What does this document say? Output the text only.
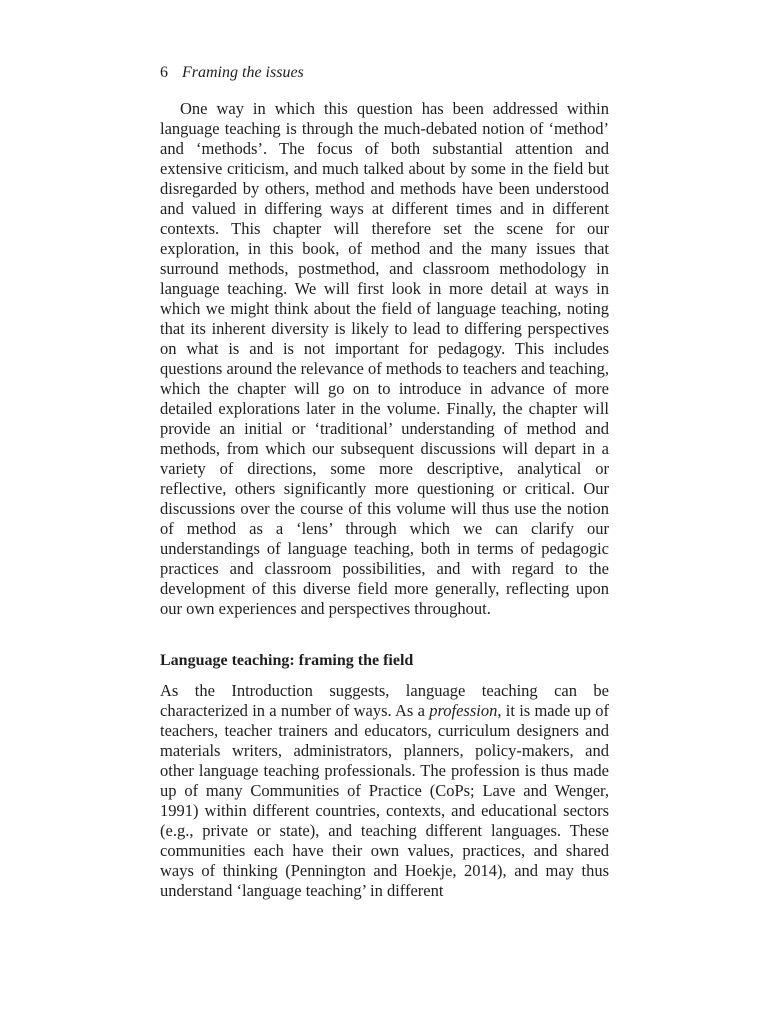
6 Framing the issues

One way in which this question has been addressed within language teaching is through the much-debated notion of ‘method’ and ‘methods’. The focus of both substantial attention and extensive criticism, and much talked about by some in the field but disregarded by others, method and methods have been understood and valued in differing ways at different times and in different contexts. This chapter will therefore set the scene for our exploration, in this book, of method and the many issues that surround methods, postmethod, and classroom methodology in language teaching. We will first look in more detail at ways in which we might think about the field of language teaching, noting that its inherent diversity is likely to lead to differing perspectives on what is and is not important for pedagogy. This includes questions around the relevance of methods to teachers and teaching, which the chapter will go on to introduce in advance of more detailed explorations later in the volume. Finally, the chapter will provide an initial or ‘traditional’ understanding of method and methods, from which our subsequent discussions will depart in a variety of directions, some more descriptive, analytical or reflective, others significantly more questioning or critical. Our discussions over the course of this volume will thus use the notion of method as a ‘lens’ through which we can clarify our understandings of language teaching, both in terms of pedagogic practices and classroom possibilities, and with regard to the development of this diverse field more generally, reflecting upon our own experiences and perspectives throughout.

Language teaching: framing the field

As the Introduction suggests, language teaching can be characterized in a number of ways. As a profession, it is made up of teachers, teacher trainers and educators, curriculum designers and materials writers, administrators, planners, policy-makers, and other language teaching professionals. The profession is thus made up of many Communities of Practice (CoPs; Lave and Wenger, 1991) within different countries, contexts, and educational sectors (e.g., private or state), and teaching different languages. These communities each have their own values, practices, and shared ways of thinking (Pennington and Hoekje, 2014), and may thus understand ‘language teaching’ in different
